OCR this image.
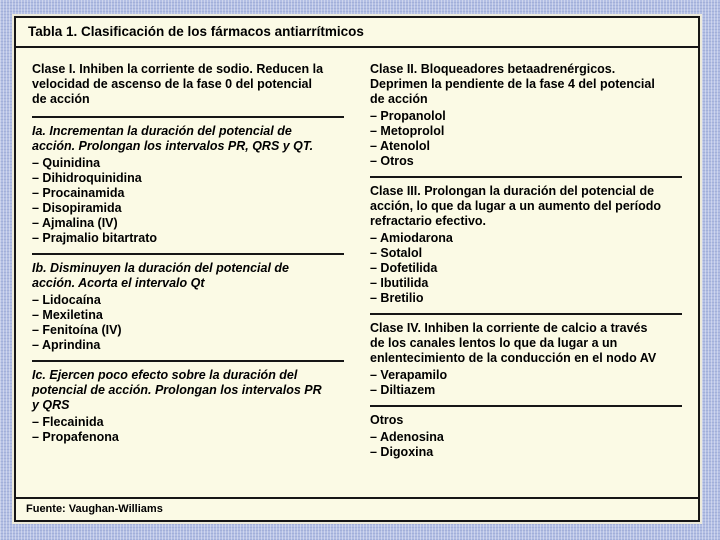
Tabla 1. Clasificación de los fármacos antiarrítmicos
Clase I. Inhiben la corriente de sodio. Reducen la velocidad de ascenso de la fase 0 del potencial de acción
Ia. Incrementan la duración del potencial de acción. Prolongan los intervalos PR, QRS y QT.
– Quinidina
– Dihidroquinidina
– Procainamida
– Disopiramida
– Ajmalina (IV)
– Prajmalio bitartrato
Ib. Disminuyen la duración del potencial de acción. Acorta el intervalo Qt
– Lidocaína
– Mexiletina
– Fenitoína (IV)
– Aprindina
Ic. Ejercen poco efecto sobre la duración del potencial de acción. Prolongan los intervalos PR y QRS
– Flecainida
– Propafenona
Clase II. Bloqueadores betaadrenérgicos. Deprimen la pendiente de la fase 4 del potencial de acción
– Propanolol
– Metoprolol
– Atenolol
– Otros
Clase III. Prolongan la duración del potencial de acción, lo que da lugar a un aumento del período refractario efectivo.
– Amiodarona
– Sotalol
– Dofetilida
– Ibutilida
– Bretilio
Clase IV. Inhiben la corriente de calcio a través de los canales lentos lo que da lugar a un enlentecimiento de la conducción en el nodo AV
– Verapamilo
– Diltiazem
Otros
– Adenosina
– Digoxina
Fuente: Vaughan-Williams
